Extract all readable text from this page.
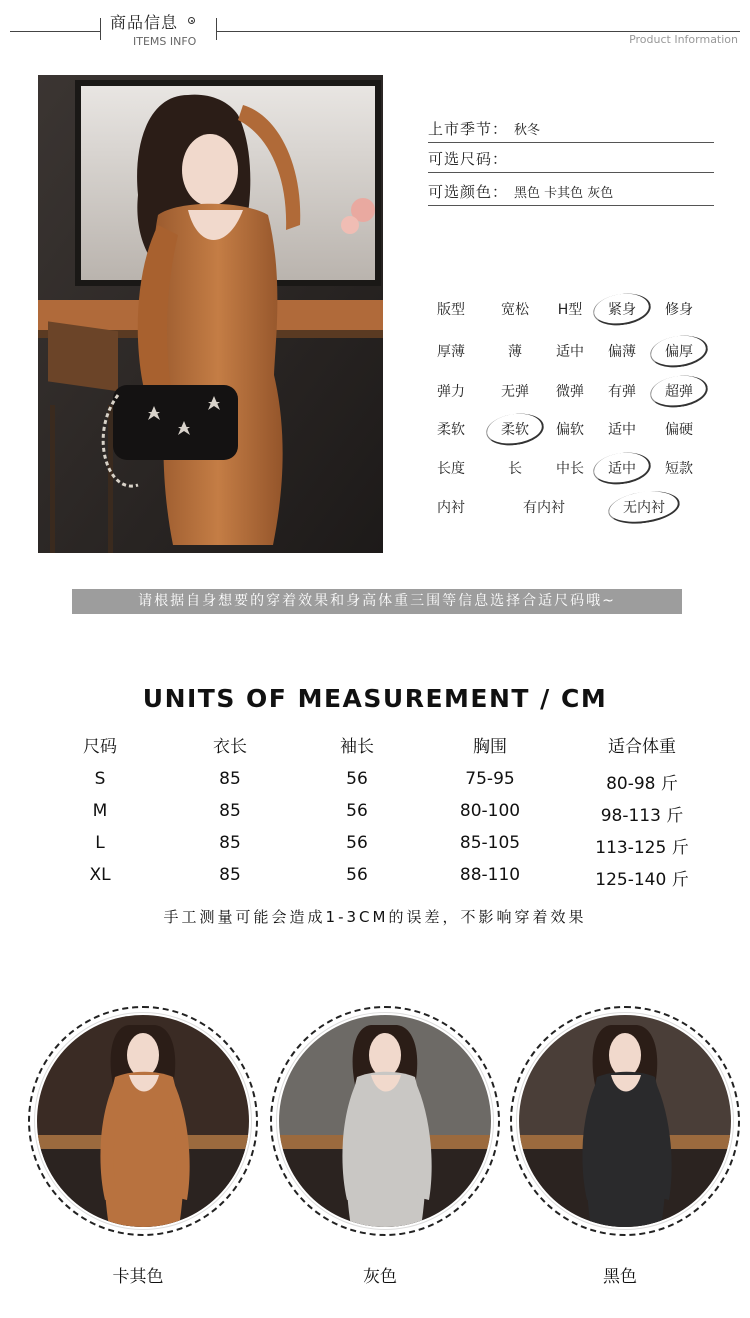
商品信息
ITEMS INFO	Product Information
上市季节： 秋冬
可选尺码：
可选颜色： 黑色 卡其色 灰色
版型	宽松	H型	紧身	修身
厚薄	薄	适中	偏薄	偏厚
弹力	无弹	微弹	有弹	超弹
柔软	柔软	偏软	适中	偏硬
长度	长	中长	适中	短款
内衬	有内衬	无内衬
请根据自身想要的穿着效果和身高体重三围等信息选择合适尺码哦~
UNITS OF MEASUREMENT / CM
尺码	衣长	袖长	胸围	适合体重
S	85	56	75-95	80-98 斤
M	85	56	80-100	98-113 斤
L	85	56	85-105	113-125 斤
XL	85	56	88-110	125-140 斤
手工测量可能会造成1-3CM的误差，不影响穿着效果
卡其色	灰色	黑色
